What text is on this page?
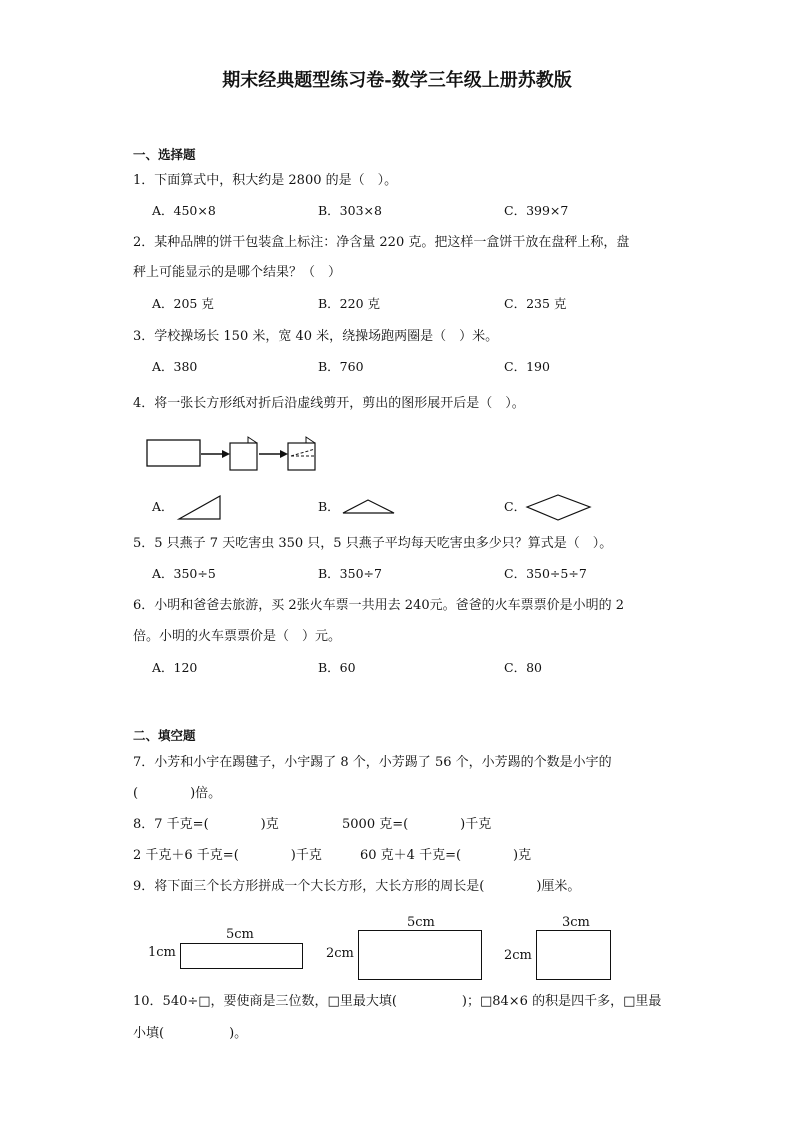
期末经典题型练习卷-数学三年级上册苏教版
一、选择题
1．下面算式中，积大约是 2800 的是（　）。
A．450×8	B．303×8	C．399×7
2．某种品牌的饼干包装盒上标注：净含量 220 克。把这样一盒饼干放在盘秤上称，盘
秤上可能显示的是哪个结果？（　）
A．205 克	B．220 克	C．235 克
3．学校操场长 150 米，宽 40 米，绕操场跑两圈是（　）米。
A．380	B．760	C．190
4．将一张长方形纸对折后沿虚线剪开，剪出的图形展开后是（　）。
A．	B．	C．
5．5 只燕子 7 天吃害虫 350 只，5 只燕子平均每天吃害虫多少只？算式是（　）。
A．350÷5	B．350÷7	C．350÷5÷7
6．小明和爸爸去旅游，买 2张火车票一共用去 240元。爸爸的火车票票价是小明的 2
倍。小明的火车票票价是（　）元。
A．120	B．60	C．80
二、填空题
7．小芳和小宇在踢毽子，小宇踢了 8 个，小芳踢了 56 个，小芳踢的个数是小宇的
(　　　　)倍。
8．7 千克=(　　　　)克	5000 克=(　　　　)千克
2 千克＋6 千克=(　　　　)千克	60 克＋4 千克=(　　　　)克
9．将下面三个长方形拼成一个大长方形，大长方形的周长是(　　　　)厘米。
5cm
1cm
5cm
2cm
3cm
2cm
10．540÷□，要使商是三位数，□里最大填(　　　　　)；□84×6 的积是四千多，□里最
小填(　　　　　)。
